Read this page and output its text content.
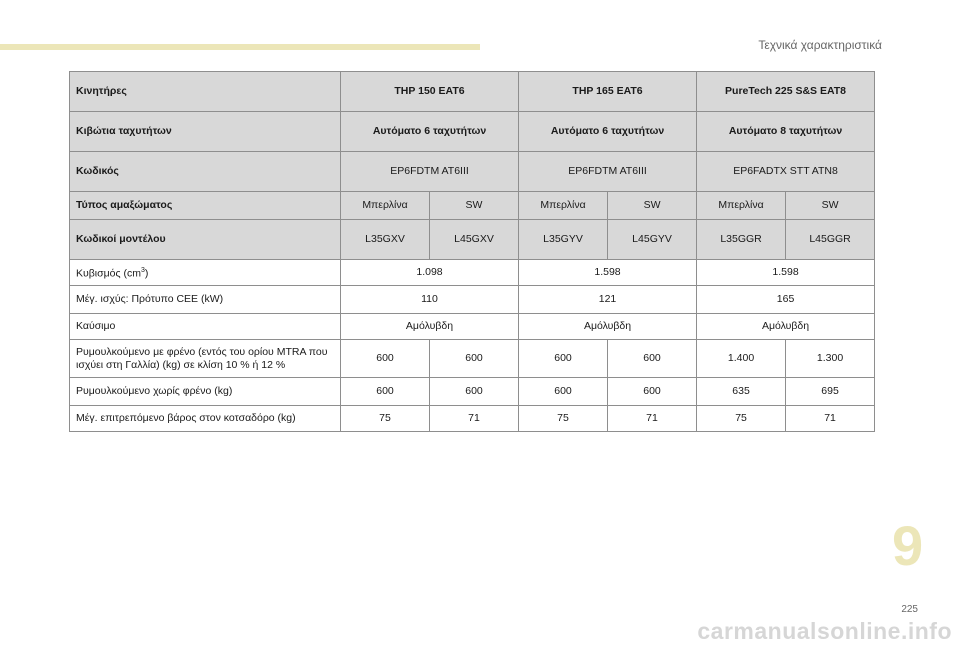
Τεχνικά χαρακτηριστικά
Κινητήρες	THP 150 EAT6		THP 165 EAT6		PureTech 225 S&S EAT8	
Κιβώτια ταχυτήτων	Αυτόματο 6 ταχυτήτων		Αυτόματο 6 ταχυτήτων		Αυτόματο 8 ταχυτήτων	
Κωδικός	EP6FDTM AT6III		EP6FDTM AT6III		EP6FADTX STT ATN8	
Τύπος αμαξώματος	Μπερλίνα	SW	Μπερλίνα	SW	Μπερλίνα	SW
Κωδικοί μοντέλου	L35GXV	L45GXV	L35GYV	L45GYV	L35GGR	L45GGR
Κυβισμός $(cm^3)$	1.098		1.598		1.598	
Μέγ. ισχύς: Πρότυπο CEE (kW)	110		121		165	
Καύσιμο	Αμόλυβδη		Αμόλυβδη		Αμόλυβδη	

Ρυμουλκούμενο με φρένο (εντός του ορίου MTRA που
ισχύει στη Γαλλία) (kg) σε κλίση 10 % ή 12 %	600	600	600	600	1.400	1.300
Ρυμουλκούμενο χωρίς φρένο (kg)	600	600	600	600	635	695
Μέγ. επιτρεπόμενο βάρος στον κοτσαδόρο (kg)	75	71	75	71	75	71
9
225
carmanualsonline.info
